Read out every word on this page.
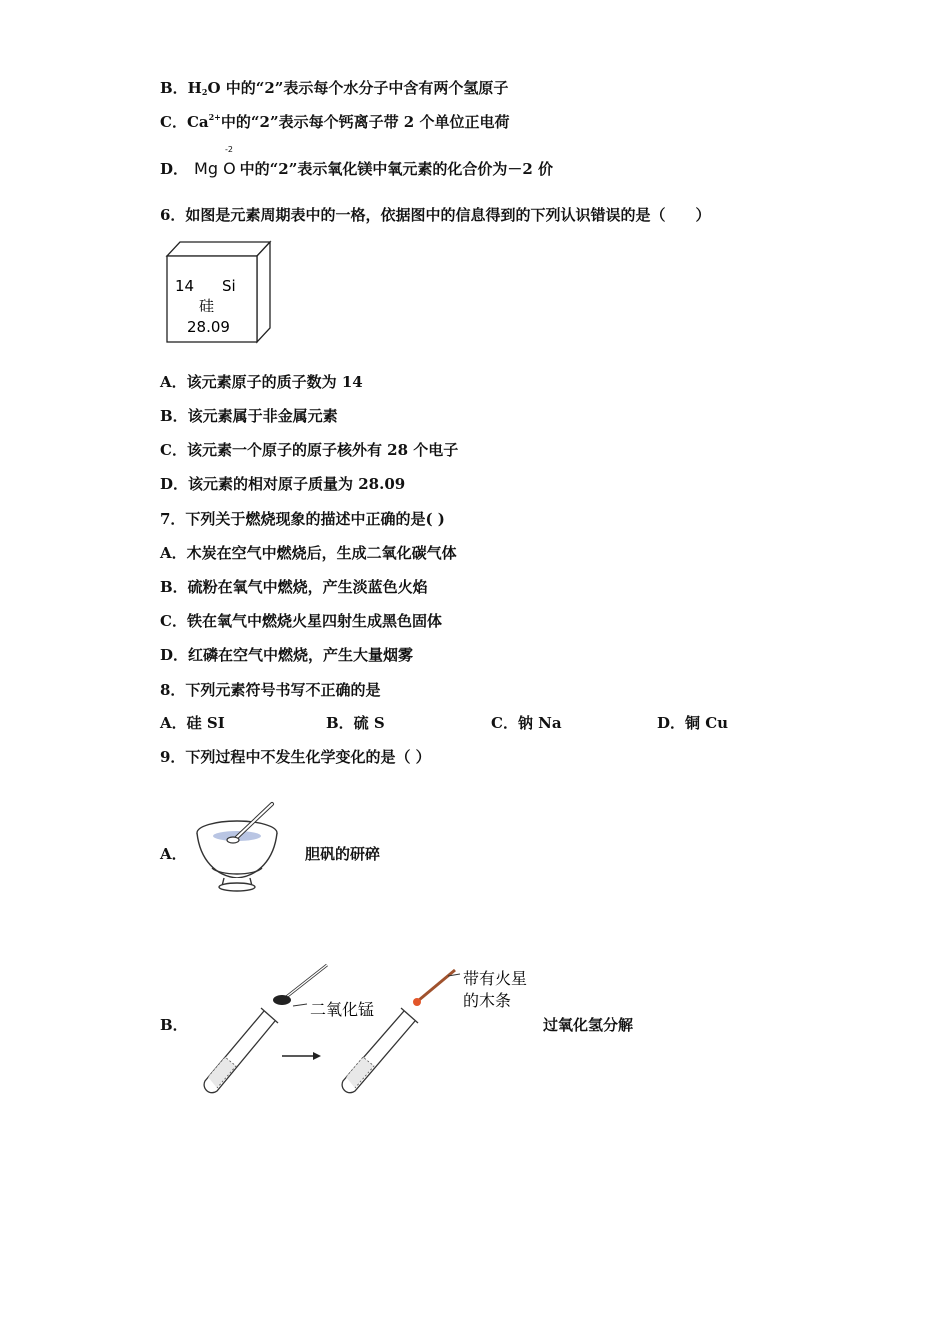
B．$H_2O$ 中的“2”表示每个水分子中含有两个氢原子
C．$Ca^{2+}$中的“2”表示每个钙离子带 2 个单位正电荷
D． Mg O
-2
中的“2”表示氧化镁中氧元素的化合价为－2 价
6．如图是元素周期表中的一格，依据图中的信息得到的下列认识错误的是（　　）
14 Si
硅
28.09
A．该元素原子的质子数为 14
B．该元素属于非金属元素
C．该元素一个原子的原子核外有 28 个电子
D．该元素的相对原子质量为 28.09
7．下列关于燃烧现象的描述中正确的是( )
A．木炭在空气中燃烧后，生成二氧化碳气体
B．硫粉在氧气中燃烧，产生淡蓝色火焰
C．铁在氧气中燃烧火星四射生成黑色固体
D．红磷在空气中燃烧，产生大量烟雾
8．下列元素符号书写不正确的是
A．硅 SI	B．硫 S	C．钠 Na	D．铜 Cu
9．下列过程中不发生化学变化的是（ ）
A．	胆矾的研碎
B．
二氧化锰
带有火星
的木条
过氧化氢分解
